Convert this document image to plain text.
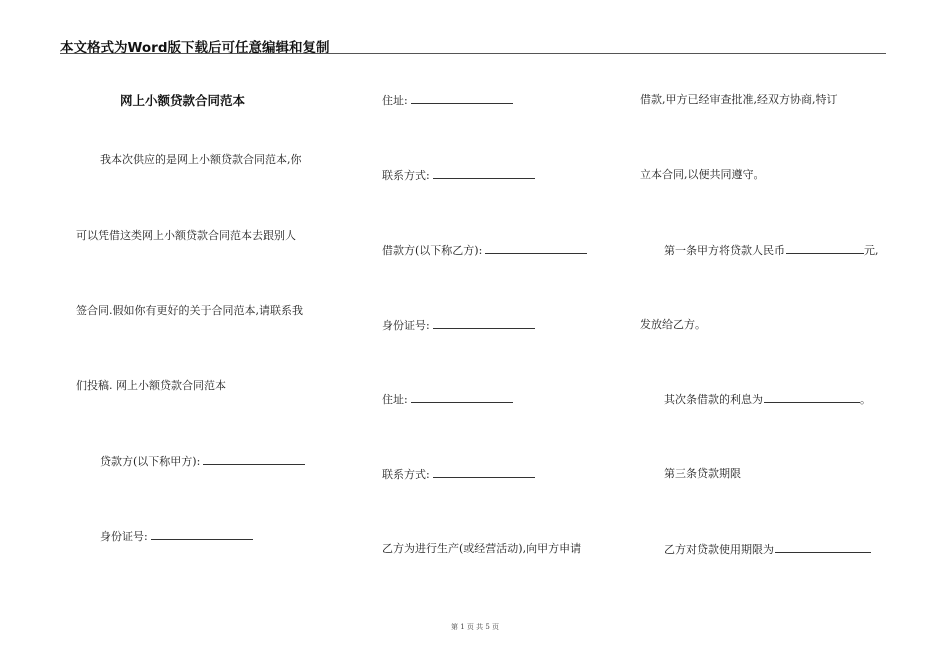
本文格式为Word版下载后可任意编辑和复制
网上小额贷款合同范本
我本次供应的是网上小额贷款合同范本,你
可以凭借这类网上小额贷款合同范本去跟别人
签合同.假如你有更好的关于合同范本,请联系我
们投稿. 网上小额贷款合同范本
贷款方(以下称甲方):
身份证号:
住址:
联系方式:
借款方(以下称乙方):
身份证号:
住址:
联系方式:
乙方为进行生产(或经营活动),向甲方申请
借款,甲方已经审查批准,经双方协商,特订
立本合同,以便共同遵守。
第一条甲方将贷款人民币	元,
发放给乙方。
其次条借款的利息为	。
第三条贷款期限
乙方对贷款使用期限为
第 1 页 共 5 页
